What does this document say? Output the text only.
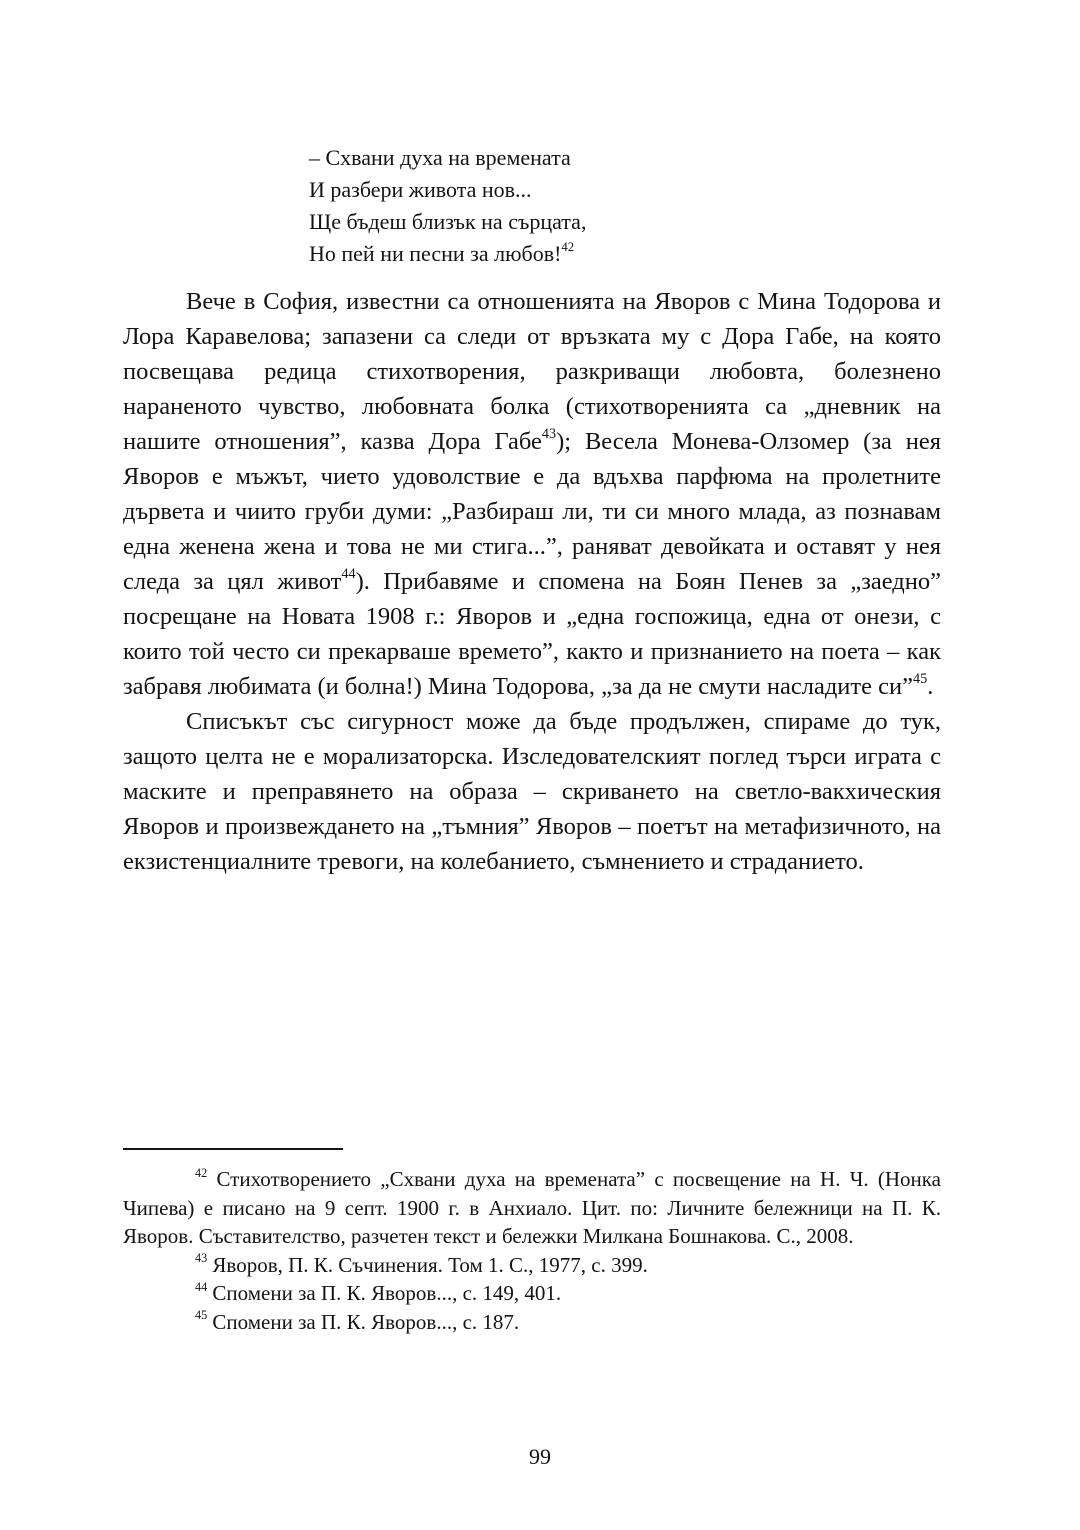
– Схвани духа на времената
И разбери живота нов...
Ще бъдеш близък на сърцата,
Но пей ни песни за любов!$^{42}$

Вече в София, известни са отношенията на Яворов с Мина Тодорова и Лора Каравелова; запазени са следи от връзката му с Дора Габе, на която посвещава редица стихотворения, разкриващи любовта, болезнено нараненото чувство, любовната болка (стихотворенията са „дневник на нашите отношения”, казва Дора Габе$^{43}$); Весела Монева-Олзомер (за нея Яворов е мъжът, чието удоволствие е да вдъхва парфюма на пролетните дървета и чиито груби думи: „Разбираш ли, ти си много млада, аз познавам една женена жена и това не ми стига...”, раняват девойката и оставят у нея следа за цял живот$^{44}$). Прибавяме и спомена на Боян Пенев за „заедно” посрещане на Новата 1908 г.: Яворов и „една госпожица, една от онези, с които той често си прекарваше времето”, както и признанието на поета – как забравя любимата (и болна!) Мина Тодорова, „за да не смути насладите си”$^{45}$.

Списъкът със сигурност може да бъде продължен, спираме до тук, защото целта не е морализаторска. Изследователският поглед търси играта с маските и преправянето на образа – скриването на светло-вакхическия Яворов и произвеждането на „тъмния” Яворов – поетът на метафизичното, на екзистенциалните тревоги, на колебанието, съмнението и страданието.

$^{42}$ Стихотворението „Схвани духа на времената” с посвещение на Н. Ч. (Нонка Чипева) е писано на 9 септ. 1900 г. в Анхиало. Цит. по: Личните бележници на П. К. Яворов. Съставителство, разчетен текст и бележки Милкана Бошнакова. С., 2008.

$^{43}$ Яворов, П. К. Съчинения. Том 1. С., 1977, с. 399.

$^{44}$ Спомени за П. К. Яворов..., с. 149, 401.

$^{45}$ Спомени за П. К. Яворов..., с. 187.

99
